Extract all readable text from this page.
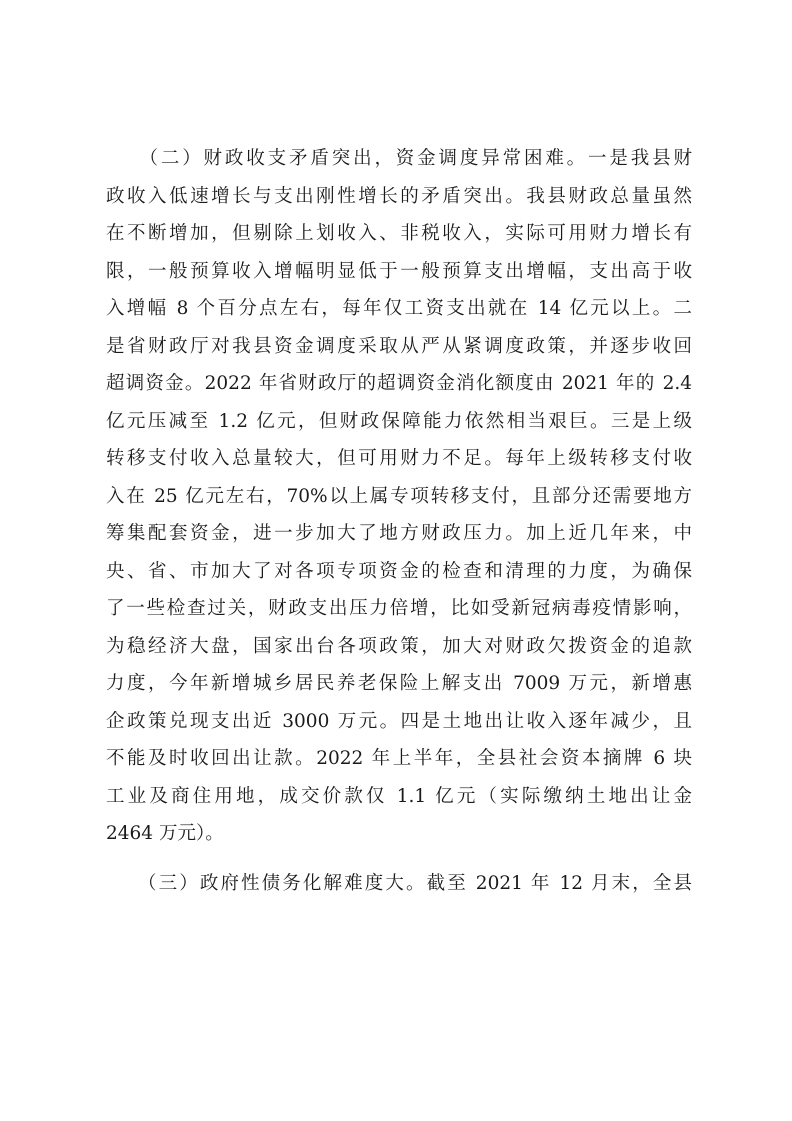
　　（二）财政收支矛盾突出，资金调度异常困难。一是我县财
政收入低速增长与支出刚性增长的矛盾突出。我县财政总量虽然
在不断增加，但剔除上划收入、非税收入，实际可用财力增长有
限，一般预算收入增幅明显低于一般预算支出增幅，支出高于收
入增幅 8 个百分点左右，每年仅工资支出就在 14 亿元以上。二
是省财政厅对我县资金调度采取从严从紧调度政策，并逐步收回
超调资金。2022 年省财政厅的超调资金消化额度由 2021 年的 2.4
亿元压减至 1.2 亿元，但财政保障能力依然相当艰巨。三是上级
转移支付收入总量较大，但可用财力不足。每年上级转移支付收
入在 25 亿元左右，70%以上属专项转移支付，且部分还需要地方
筹集配套资金，进一步加大了地方财政压力。加上近几年来，中
央、省、市加大了对各项专项资金的检查和清理的力度，为确保
了一些检查过关，财政支出压力倍增，比如受新冠病毒疫情影响，
为稳经济大盘，国家出台各项政策，加大对财政欠拨资金的追款
力度，今年新增城乡居民养老保险上解支出 7009 万元，新增惠
企政策兑现支出近 3000 万元。四是土地出让收入逐年减少，且
不能及时收回出让款。2022 年上半年，全县社会资本摘牌 6 块
工业及商住用地，成交价款仅 1.1 亿元（实际缴纳土地出让金
2464 万元）。
　　（三）政府性债务化解难度大。截至 2021 年 12 月末，全县
